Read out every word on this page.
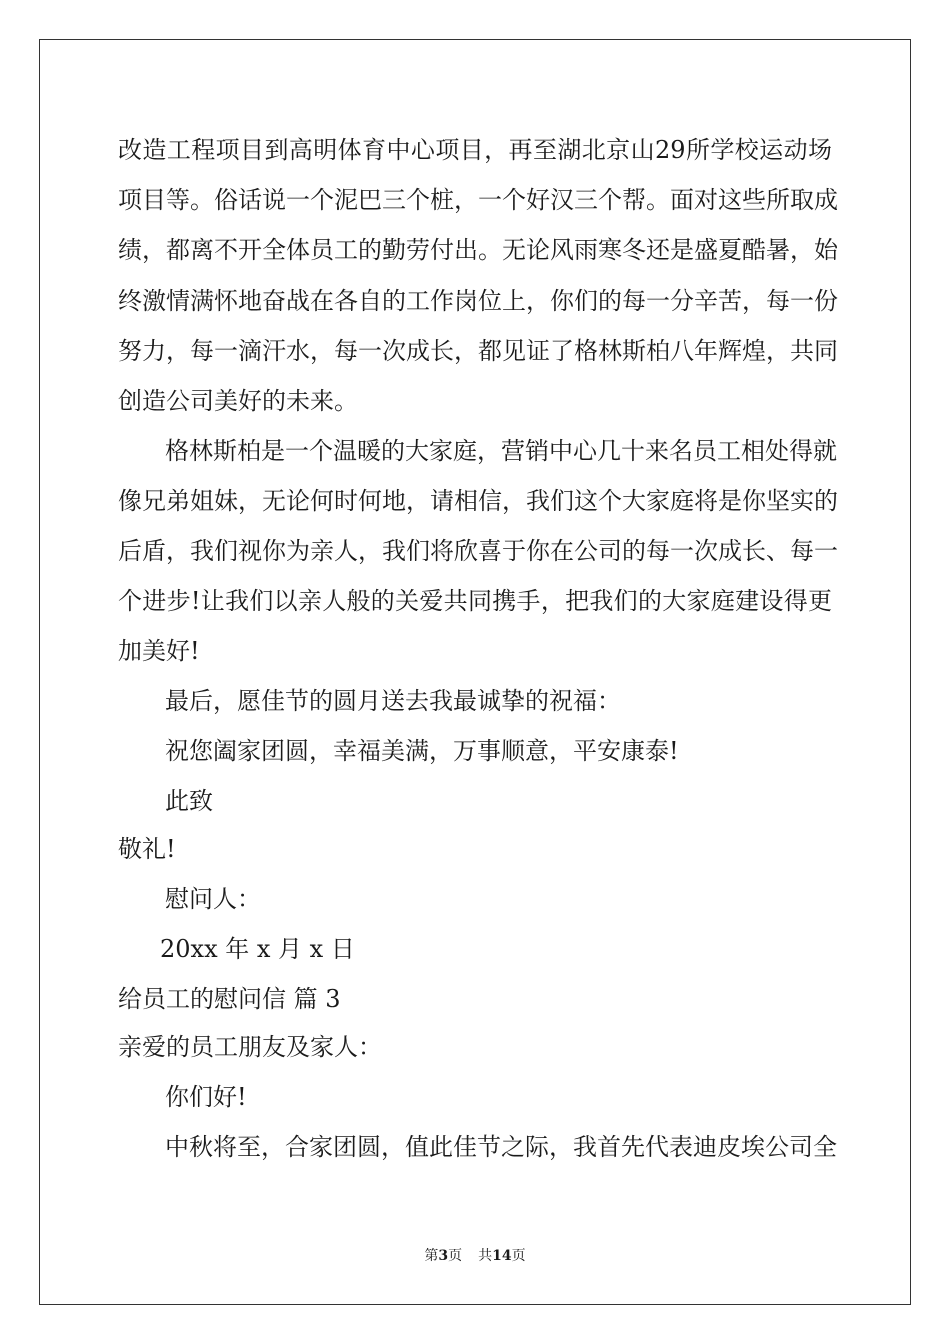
改造工程项目到高明体育中心项目，再至湖北京山29所学校运动场
项目等。俗话说一个泥巴三个桩，一个好汉三个帮。面对这些所取成
绩，都离不开全体员工的勤劳付出。无论风雨寒冬还是盛夏酷暑，始
终激情满怀地奋战在各自的工作岗位上，你们的每一分辛苦，每一份
努力，每一滴汗水，每一次成长，都见证了格林斯柏八年辉煌，共同
创造公司美好的未来。
格林斯柏是一个温暖的大家庭，营销中心几十来名员工相处得就
像兄弟姐妹，无论何时何地，请相信，我们这个大家庭将是你坚实的
后盾，我们视你为亲人，我们将欣喜于你在公司的每一次成长、每一
个进步!让我们以亲人般的关爱共同携手，把我们的大家庭建设得更
加美好!
最后，愿佳节的圆月送去我最诚挚的祝福：
祝您阖家团圆，幸福美满，万事顺意，平安康泰!
此致
敬礼!
慰问人：
20xx 年 x 月 x 日
给员工的慰问信 篇 3
亲爱的员工朋友及家人：
你们好!
中秋将至，合家团圆，值此佳节之际，我首先代表迪皮埃公司全
第3页 共14页
